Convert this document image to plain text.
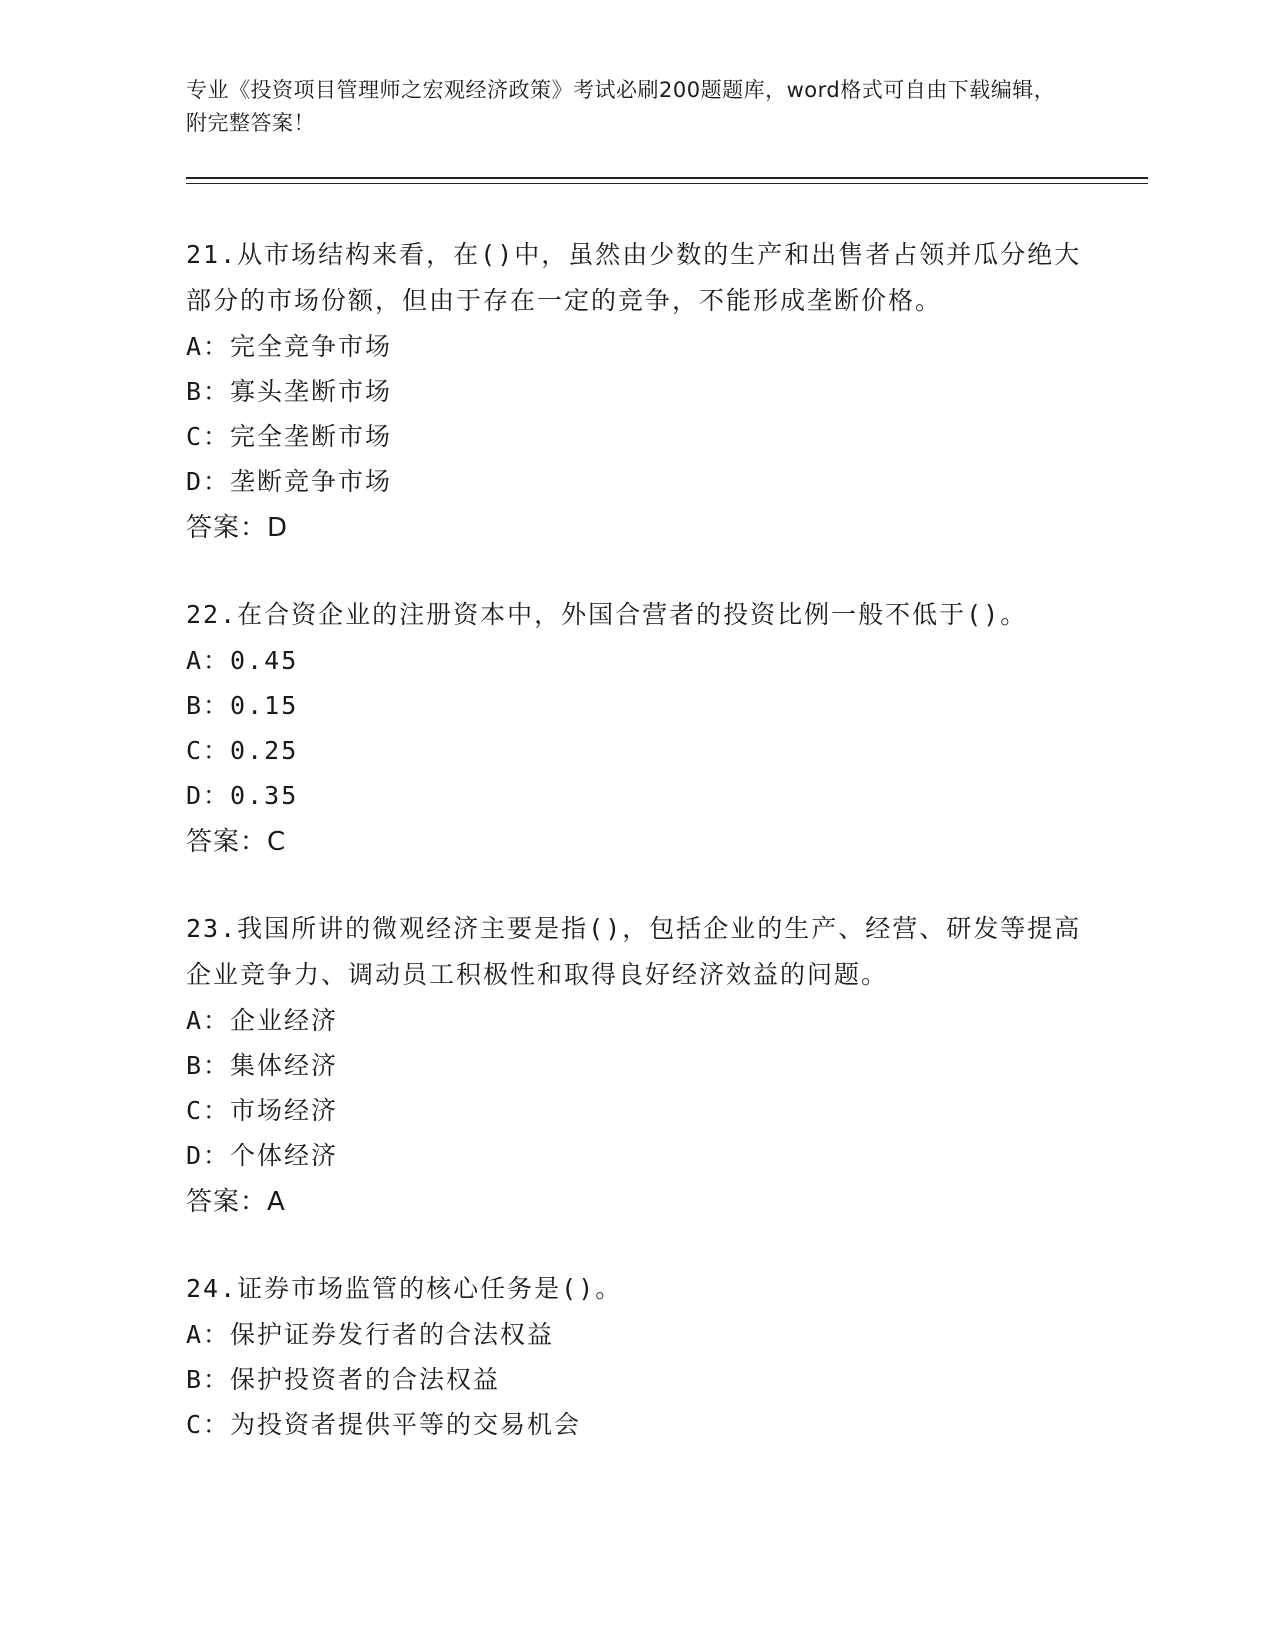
专业《投资项目管理师之宏观经济政策》考试必刷200题题库，word格式可自由下载编辑，附完整答案！

21.从市场结构来看，在()中，虽然由少数的生产和出售者占领并瓜分绝大部分的市场份额，但由于存在一定的竞争，不能形成垄断价格。

A：完全竞争市场

B：寡头垄断市场

C：完全垄断市场

D：垄断竞争市场

答案：D

22.在合资企业的注册资本中，外国合营者的投资比例一般不低于()。

A：0.45

B：0.15

C：0.25

D：0.35

答案：C

23.我国所讲的微观经济主要是指()，包括企业的生产、经营、研发等提高企业竞争力、调动员工积极性和取得良好经济效益的问题。

A：企业经济

B：集体经济

C：市场经济

D：个体经济

答案：A

24.证券市场监管的核心任务是()。

A：保护证券发行者的合法权益

B：保护投资者的合法权益

C：为投资者提供平等的交易机会
